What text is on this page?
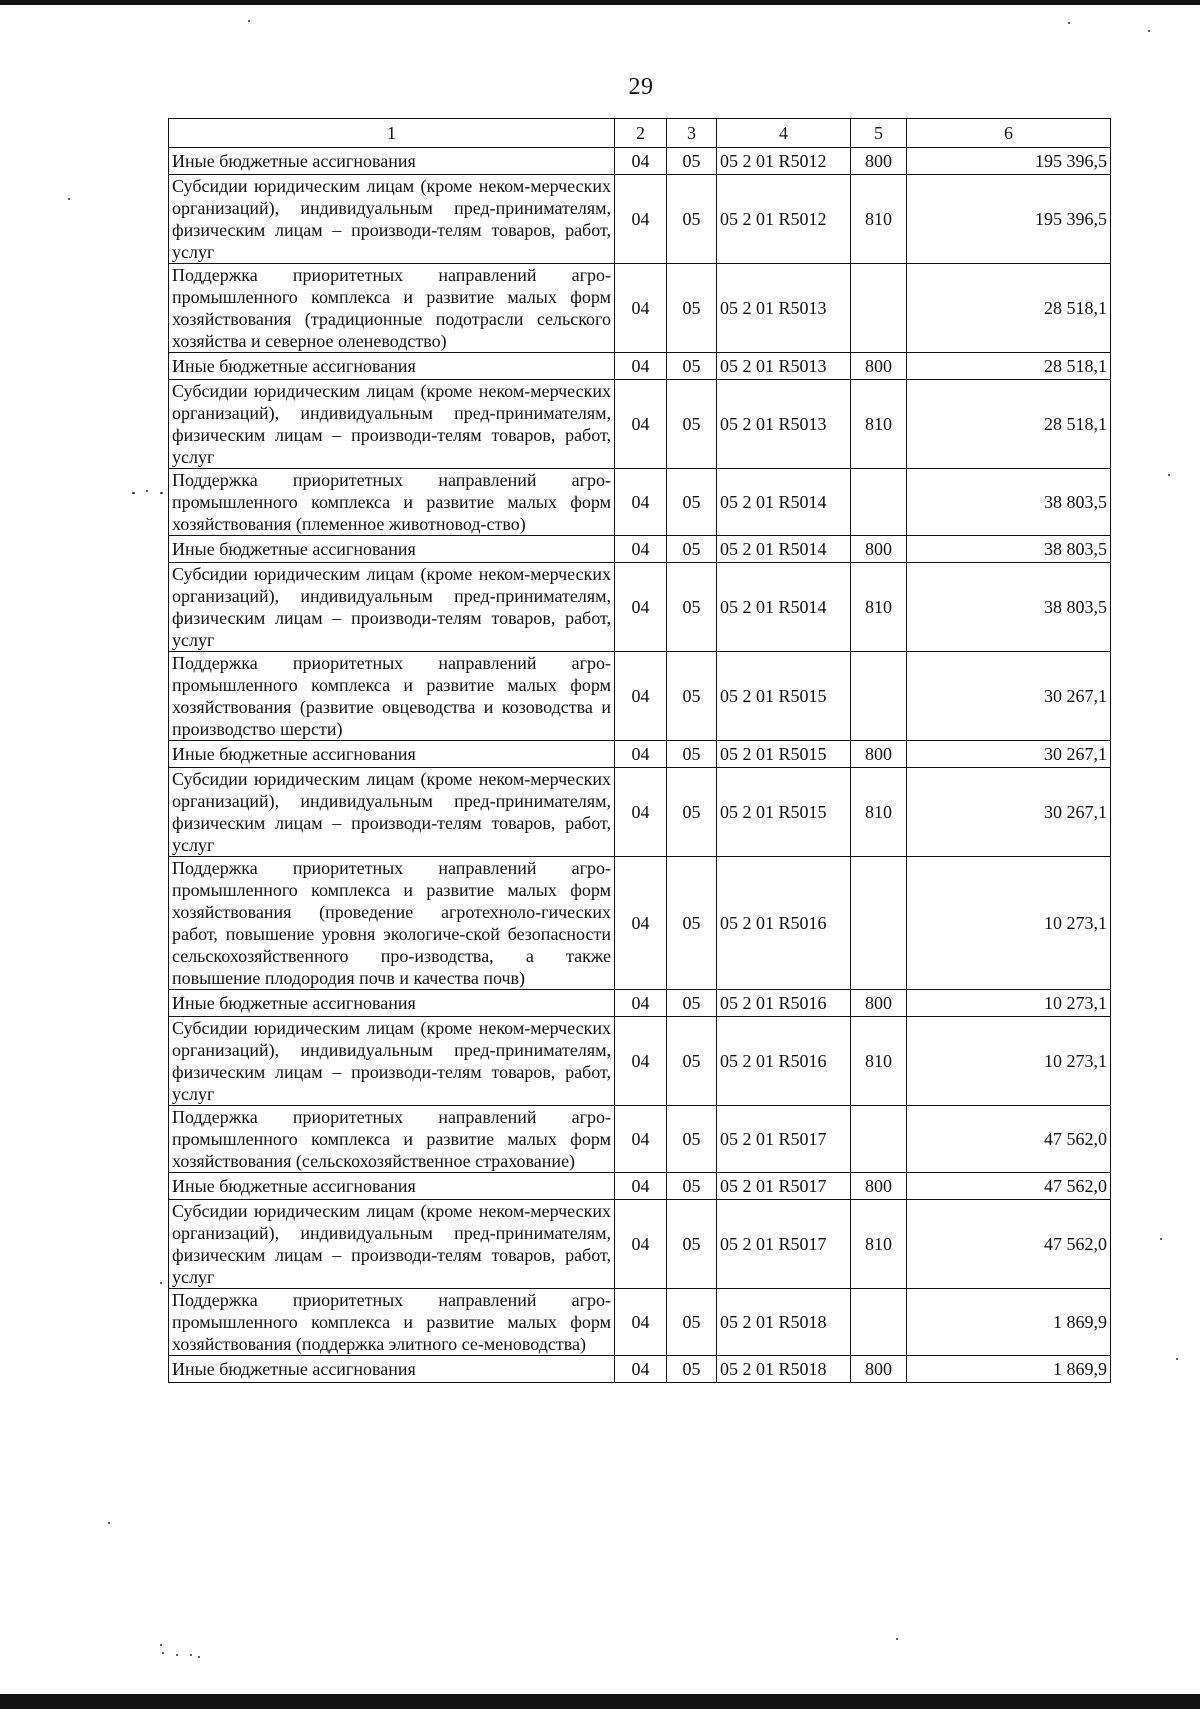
29
1	2	3	4	5	6
Иные бюджетные ассигнования	04	05	05 2 01 R5012	800	195 396,5
Субсидии юридическим лицам (кроме неком-мерческих организаций), индивидуальным пред-принимателям, физическим лицам – производи-телям товаров, работ, услуг	04	05	05 2 01 R5012	810	195 396,5
Поддержка приоритетных направлений агро-промышленного комплекса и развитие малых форм хозяйствования (традиционные подотрасли сельского хозяйства и северное оленеводство)	04	05	05 2 01 R5013		28 518,1
Иные бюджетные ассигнования	04	05	05 2 01 R5013	800	28 518,1
Субсидии юридическим лицам (кроме неком-мерческих организаций), индивидуальным пред-принимателям, физическим лицам – производи-телям товаров, работ, услуг	04	05	05 2 01 R5013	810	28 518,1
Поддержка приоритетных направлений агро-промышленного комплекса и развитие малых форм хозяйствования (племенное животновод-ство)	04	05	05 2 01 R5014		38 803,5
Иные бюджетные ассигнования	04	05	05 2 01 R5014	800	38 803,5
Субсидии юридическим лицам (кроме неком-мерческих организаций), индивидуальным пред-принимателям, физическим лицам – производи-телям товаров, работ, услуг	04	05	05 2 01 R5014	810	38 803,5
Поддержка приоритетных направлений агро-промышленного комплекса и развитие малых форм хозяйствования (развитие овцеводства и козоводства и производство шерсти)	04	05	05 2 01 R5015		30 267,1
Иные бюджетные ассигнования	04	05	05 2 01 R5015	800	30 267,1
Субсидии юридическим лицам (кроме неком-мерческих организаций), индивидуальным пред-принимателям, физическим лицам – производи-телям товаров, работ, услуг	04	05	05 2 01 R5015	810	30 267,1
Поддержка приоритетных направлений агро-промышленного комплекса и развитие малых форм хозяйствования (проведение агротехноло-гических работ, повышение уровня экологиче-ской безопасности сельскохозяйственного про-изводства, а также повышение плодородия почв и качества почв)	04	05	05 2 01 R5016		10 273,1
Иные бюджетные ассигнования	04	05	05 2 01 R5016	800	10 273,1
Субсидии юридическим лицам (кроме неком-мерческих организаций), индивидуальным пред-принимателям, физическим лицам – производи-телям товаров, работ, услуг	04	05	05 2 01 R5016	810	10 273,1
Поддержка приоритетных направлений агро-промышленного комплекса и развитие малых форм хозяйствования (сельскохозяйственное страхование)	04	05	05 2 01 R5017		47 562,0
Иные бюджетные ассигнования	04	05	05 2 01 R5017	800	47 562,0
Субсидии юридическим лицам (кроме неком-мерческих организаций), индивидуальным пред-принимателям, физическим лицам – производи-телям товаров, работ, услуг	04	05	05 2 01 R5017	810	47 562,0
Поддержка приоритетных направлений агро-промышленного комплекса и развитие малых форм хозяйствования (поддержка элитного се-меноводства)	04	05	05 2 01 R5018		1 869,9
Иные бюджетные ассигнования	04	05	05 2 01 R5018	800	1 869,9
